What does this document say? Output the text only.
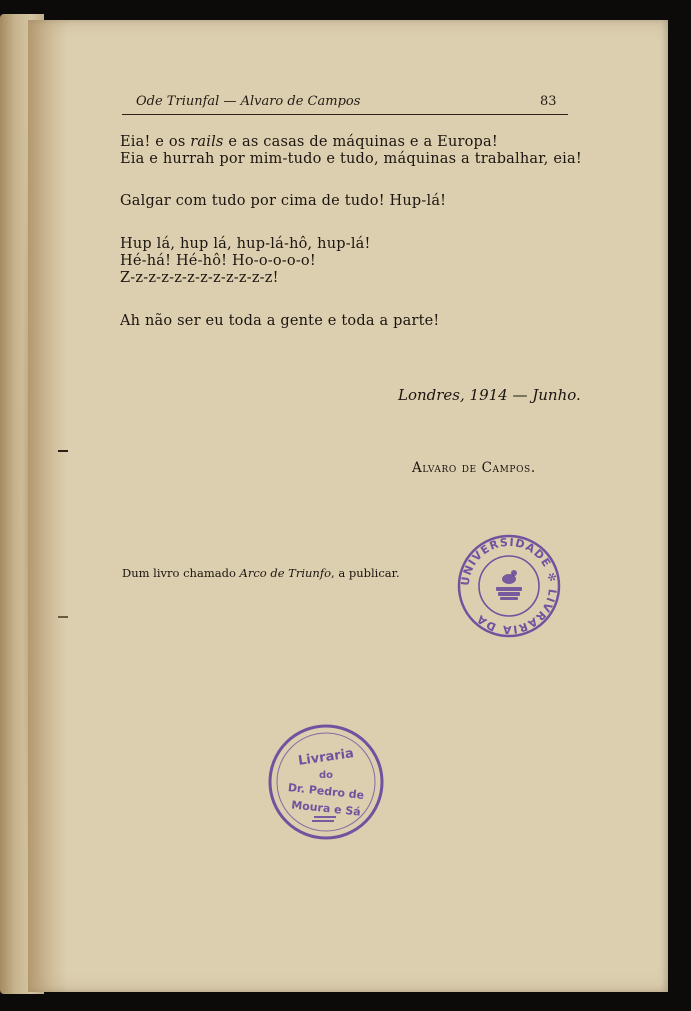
Ode Triunfal — Alvaro de Campos	83
Eia! e os rails e as casas de máquinas e a Europa!
Eia e hurrah por mim-tudo e tudo, máquinas a trabalhar, eia!
Galgar com tudo por cima de tudo! Hup-lá!
Hup lá, hup lá, hup-lá-hô, hup-lá!
Hé-há! Hé-hô! Ho-o-o-o-o!
Z-z-z-z-z-z-z-z-z-z-z-z!
Ah não ser eu toda a gente e toda a parte!
Londres, 1914 — Junho.
Alvaro de Campos.
Dum livro chamado Arco de Triunfo, a publicar.
UNIVERSIDADE ✻ LIVRARIA DA
Livraria
do
Dr. Pedro de
Moura e Sá
